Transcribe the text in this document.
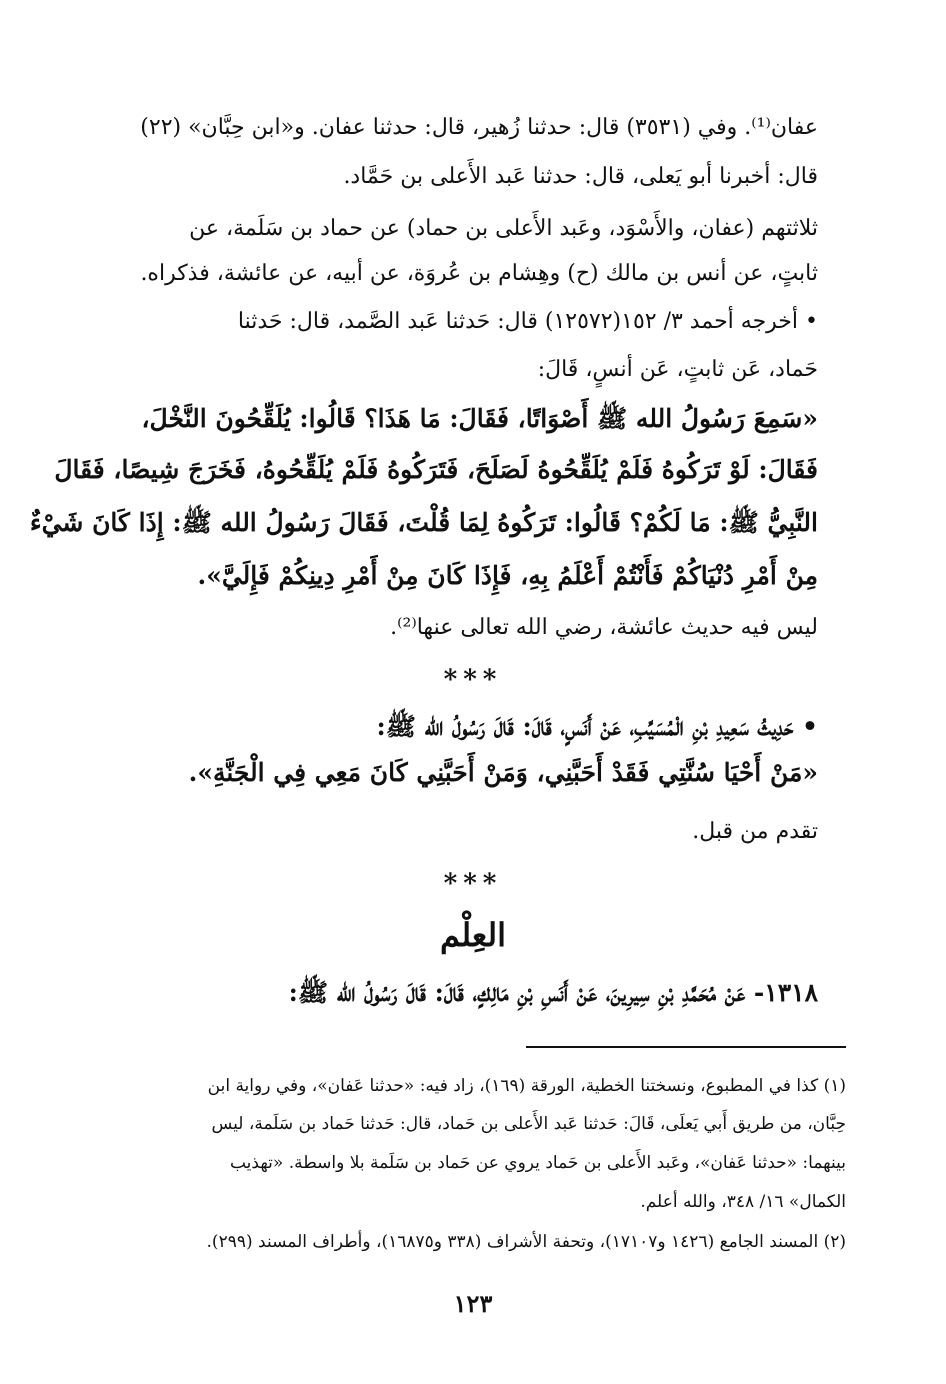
عفان⁽¹⁾. وفي (٣٥٣١) قال: حدثنا زُهير، قال: حدثنا عفان. و«ابن حِبَّان» (٢٢)
قال: أخبرنا أبو يَعلى، قال: حدثنا عَبد الأَعلى بن حَمَّاد.
ثلاثتهم (عفان، والأَسْوَد، وعَبد الأَعلى بن حماد) عن حماد بن سَلَمة، عن
ثابتٍ، عن أنس بن مالك (ح) وهِشام بن عُروَة، عن أبيه، عن عائشة، فذكراه.
• أخرجه أحمد ٣/ ١٥٢(١٢٥٧٢) قال: حَدثنا عَبد الصَّمد، قال: حَدثنا
حَماد، عَن ثابتٍ، عَن أنسٍ، قَالَ:
«سَمِعَ رَسُولُ الله ﷺ أَصْوَاتًا، فَقَالَ: مَا هَذَا؟ قَالُوا: يُلَقِّحُونَ النَّخْلَ،
فَقَالَ: لَوْ تَرَكُوهُ فَلَمْ يُلَقِّحُوهُ لَصَلَحَ، فَتَرَكُوهُ فَلَمْ يُلَقِّحُوهُ، فَخَرَجَ شِيصًا، فَقَالَ
النَّبِيُّ ﷺ: مَا لَكُمْ؟ قَالُوا: تَرَكُوهُ لِمَا قُلْتَ، فَقَالَ رَسُولُ الله ﷺ: إِذَا كَانَ شَيْءٌ
مِنْ أَمْرِ دُنْيَاكُمْ فَأَنْتُمْ أَعْلَمُ بِهِ، فَإِذَا كَانَ مِنْ أَمْرِ دِينِكُمْ فَإِلَيَّ».
ليس فيه حديث عائشة، رضي الله تعالى عنها⁽²⁾.
***
• حَدِيثُ سَعِيدِ بْنِ الْمُسَيِّبِ، عَنْ أَنَسٍ، قَالَ: قَالَ رَسُولُ الله ﷺ:
«مَنْ أَحْيَا سُنَّتِي فَقَدْ أَحَبَّنِي، وَمَنْ أَحَبَّنِي كَانَ مَعِي فِي الْجَنَّةِ».
تقدم من قبل.
***
العِلْم
١٣١٨- عَنْ مُحَمَّدِ بْنِ سِيرِينَ، عَنْ أَنَسِ بْنِ مَالِكٍ، قَالَ: قَالَ رَسُولُ الله ﷺ:
(١) كذا في المطبوع، ونسختنا الخطية، الورقة (١٦٩)، زاد فيه: «حدثنا عَفان»، وفي رواية ابن
حِبَّان، من طريق أَبي يَعلَى، قَالَ: حَدثنا عَبد الأَعلى بن حَماد، قال: حَدثنا حَماد بن سَلَمة، ليس
بينهما: «حدثنا عَفان»، وعَبد الأَعلى بن حَماد يروي عن حَماد بن سَلَمة بلا واسطة. «تهذيب
الكمال» ١٦/ ٣٤٨، والله أعلم.
(٢) المسند الجامع (١٤٢٦ و١٧١٠٧)، وتحفة الأشراف (٣٣٨ و١٦٨٧٥)، وأطراف المسند (٢٩٩).
١٢٣
